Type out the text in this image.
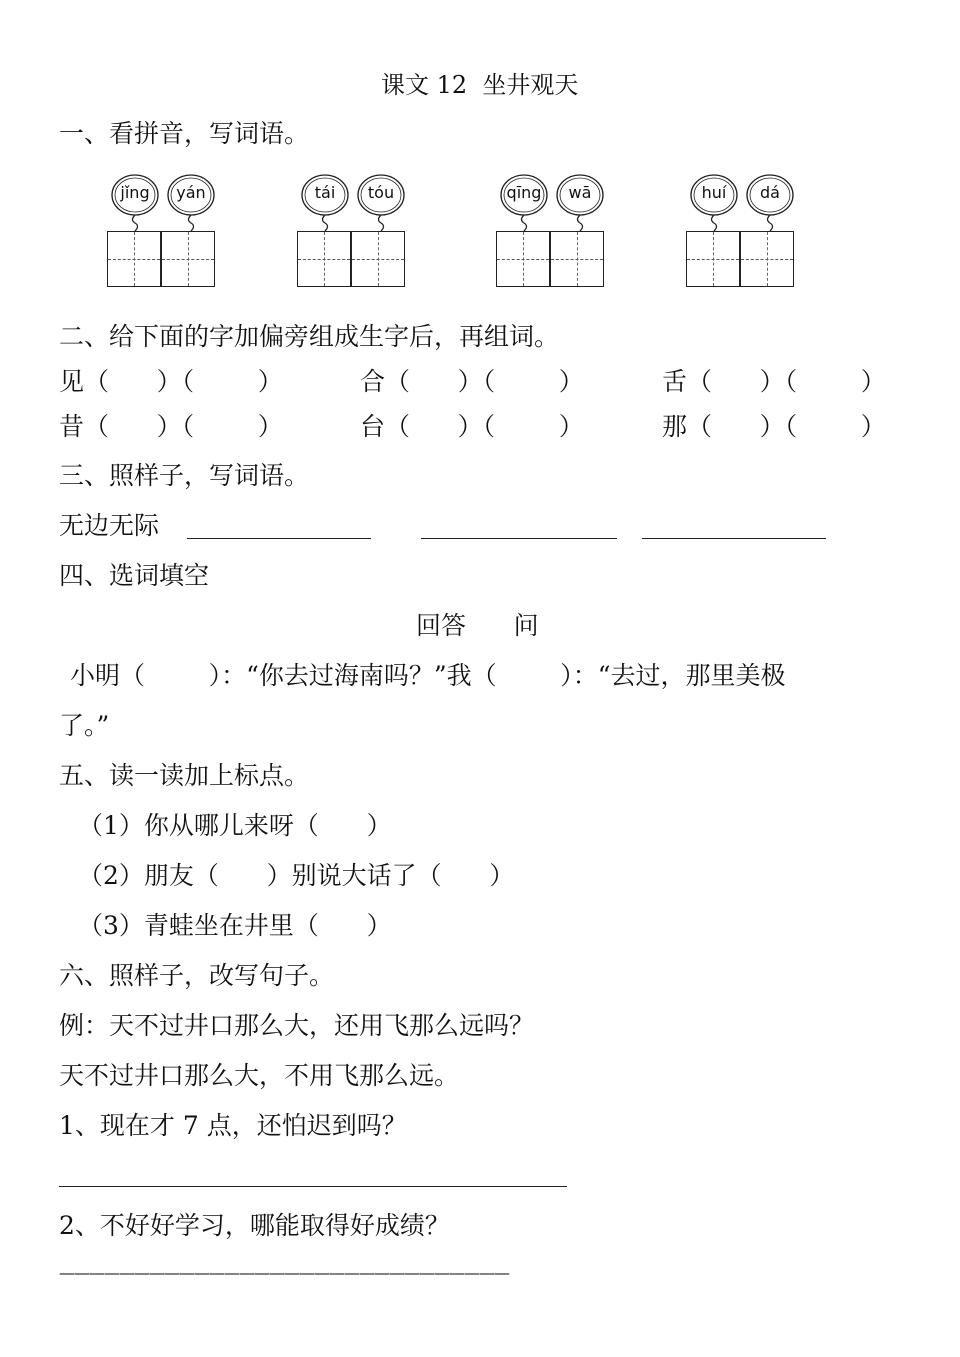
课文 12  坐井观天
一、看拼音，写词语。
jǐng	yán	tái	tóu	qīng	wā	huí	dá
二、给下面的字加偏旁组成生字后，再组词。
见（      ）（        ）	合（      ）（        ）	舌（      ）（        ）
昔（      ）（        ）	台（      ）（        ）	那（      ）（        ）
三、照样子，写词语。
无边无际
四、选词填空
回答      问
小明（        ）：“你去过海南吗？”我（        ）：“去过，那里美极
了。”
五、读一读加上标点。
（1）你从哪儿来呀（      ）
（2）朋友（      ）别说大话了（      ）
（3）青蛙坐在井里（      ）
六、照样子，改写句子。
例：天不过井口那么大，还用飞那么远吗？
天不过井口那么大，不用飞那么远。
1、现在才 7 点，还怕迟到吗？
2、不好好学习，哪能取得好成绩？
——————————————————————————————
